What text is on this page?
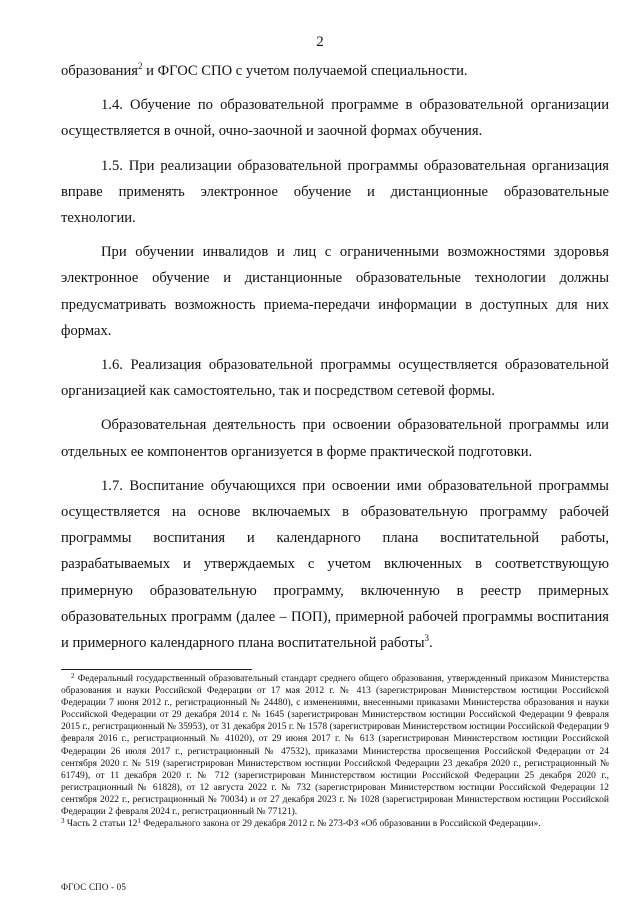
2

образования$^2$ и ФГОС СПО с учетом получаемой специальности.

1.4. Обучение по образовательной программе в образовательной организации осуществляется в очной, очно-заочной и заочной формах обучения.

1.5. При реализации образовательной программы образовательная организация вправе применять электронное обучение и дистанционные образовательные технологии.

При обучении инвалидов и лиц с ограниченными возможностями здоровья электронное обучение и дистанционные образовательные технологии должны предусматривать возможность приема-передачи информации в доступных для них формах.

1.6. Реализация образовательной программы осуществляется образовательной организацией как самостоятельно, так и посредством сетевой формы.

Образовательная деятельность при освоении образовательной программы или отдельных ее компонентов организуется в форме практической подготовки.

1.7. Воспитание обучающихся при освоении ими образовательной программы осуществляется на основе включаемых в образовательную программу рабочей программы воспитания и календарного плана воспитательной работы, разрабатываемых и утверждаемых с учетом включенных в соответствующую примерную образовательную программу, включенную в реестр примерных образовательных программ (далее – ПОП), примерной рабочей программы воспитания и примерного календарного плана воспитательной работы$^3$.

$^2$ Федеральный государственный образовательный стандарт среднего общего образования, утвержденный приказом Министерства образования и науки Российской Федерации от 17 мая 2012 г. № 413 (зарегистрирован Министерством юстиции Российской Федерации 7 июня 2012 г., регистрационный № 24480), с изменениями, внесенными приказами Министерства образования и науки Российской Федерации от 29 декабря 2014 г. № 1645 (зарегистрирован Министерством юстиции Российской Федерации 9 февраля 2015 г., регистрационный № 35953), от 31 декабря 2015 г. № 1578 (зарегистрирован Министерством юстиции Российской Федерации 9 февраля 2016 г., регистрационный № 41020), от 29 июня 2017 г. № 613 (зарегистрирован Министерством юстиции Российской Федерации 26 июля 2017 г., регистрационный № 47532), приказами Министерства просвещения Российской Федерации от 24 сентября 2020 г. № 519 (зарегистрирован Министерством юстиции Российской Федерации 23 декабря 2020 г., регистрационный № 61749), от 11 декабря 2020 г. № 712 (зарегистрирован Министерством юстиции Российской Федерации 25 декабря 2020 г., регистрационный № 61828), от 12 августа 2022 г. № 732 (зарегистрирован Министерством юстиции Российской Федерации 12 сентября 2022 г., регистрационный № 70034) и от 27 декабря 2023 г. № 1028 (зарегистрирован Министерством юстиции Российской Федерации 2 февраля 2024 г., регистрационный № 77121).

$^3$ Часть 2 статьи $12^1$ Федерального закона от 29 декабря 2012 г. № 273-ФЗ «Об образовании в Российской Федерации».

ФГОС СПО - 05
